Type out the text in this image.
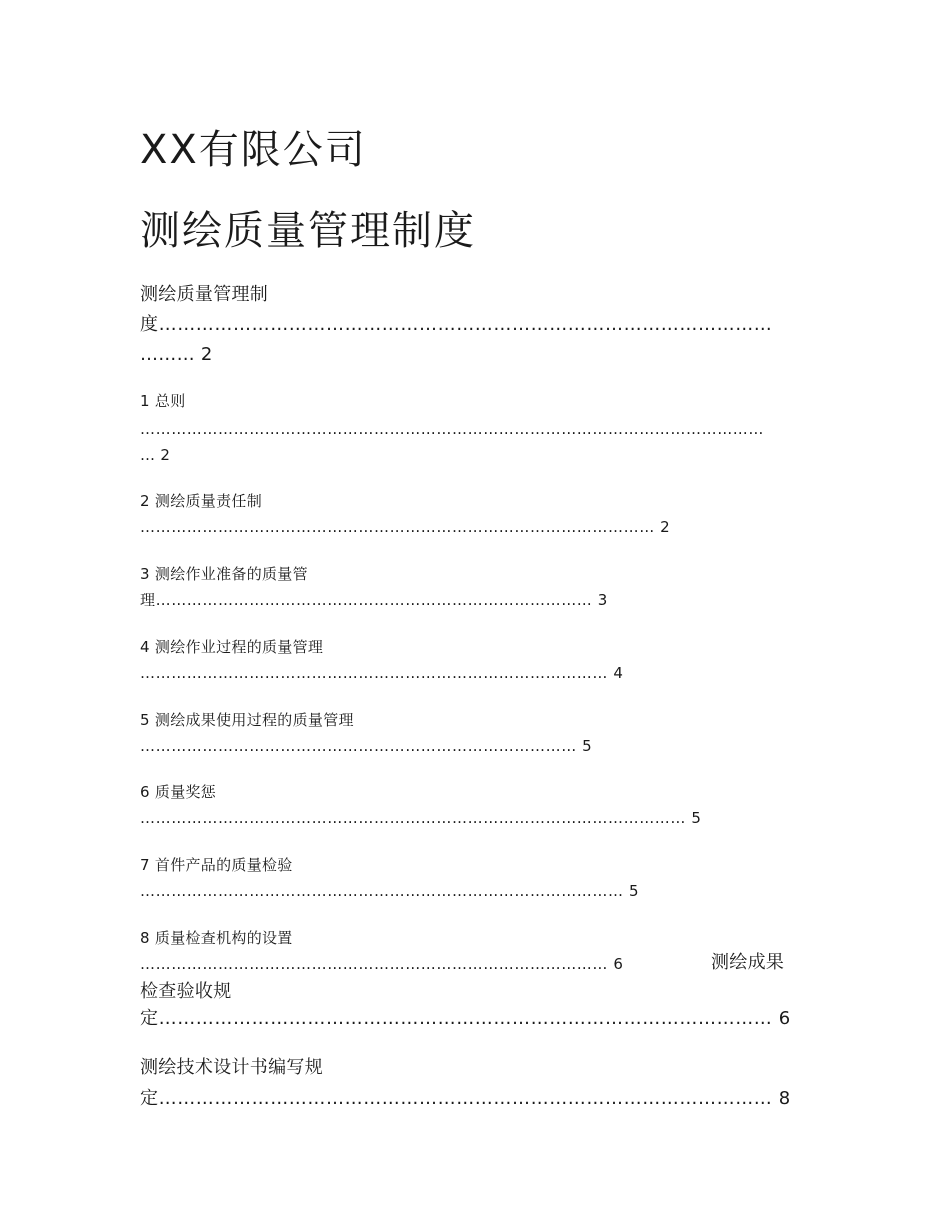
XX有限公司
测绘质量管理制度
测绘质量管理制
度………………………………………………………………………………………
……… 2
1 总则
…………………………………………………………………………………………………………
… 2
2 测绘质量责任制
……………………………………………………………………………………… 2
3 测绘作业准备的质量管
理………………………………………………………………………… 3
4 测绘作业过程的质量管理
……………………………………………………………………………… 4
5 测绘成果使用过程的质量管理
………………………………………………………………………… 5
6 质量奖惩
…………………………………………………………………………………………… 5
7 首件产品的质量检验
………………………………………………………………………………… 5
8 质量检查机构的设置
……………………………………………………………………………… 6	测绘成果
检查验收规
定……………………………………………………………………………………… 6
测绘技术设计书编写规
定……………………………………………………………………………………… 8
